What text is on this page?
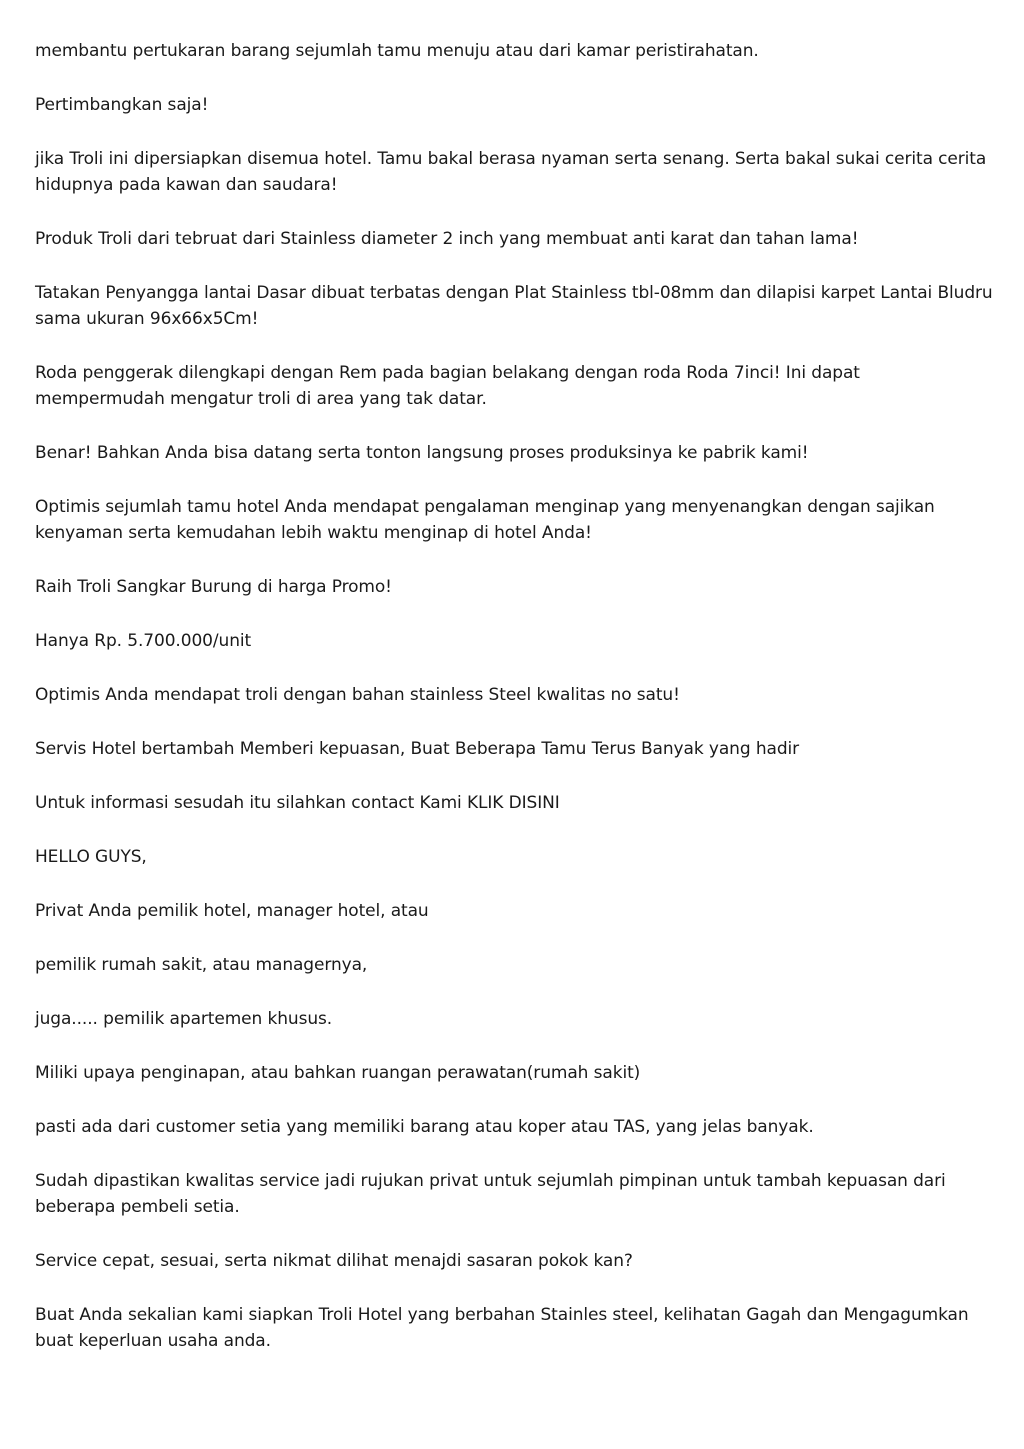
membantu pertukaran barang sejumlah tamu menuju atau dari kamar peristirahatan.

Pertimbangkan saja!

jika Troli ini dipersiapkan disemua hotel. Tamu bakal berasa nyaman serta senang. Serta bakal sukai cerita cerita hidupnya pada kawan dan saudara!

Produk Troli dari tebruat dari Stainless diameter 2 inch yang membuat anti karat dan tahan lama!

Tatakan Penyangga lantai Dasar dibuat terbatas dengan Plat Stainless tbl-08mm dan dilapisi karpet Lantai Bludru sama ukuran 96x66x5Cm!

Roda penggerak dilengkapi dengan Rem pada bagian belakang dengan roda Roda 7inci! Ini dapat mempermudah mengatur troli di area yang tak datar.

Benar! Bahkan Anda bisa datang serta tonton langsung proses produksinya ke pabrik kami!

Optimis sejumlah tamu hotel Anda mendapat pengalaman menginap yang menyenangkan dengan sajikan kenyaman serta kemudahan lebih waktu menginap di hotel Anda!

Raih Troli Sangkar Burung di harga Promo!

Hanya Rp. 5.700.000/unit

Optimis Anda mendapat troli dengan bahan stainless Steel kwalitas no satu!

Servis Hotel bertambah Memberi kepuasan, Buat Beberapa Tamu Terus Banyak yang hadir

Untuk informasi sesudah itu silahkan contact Kami KLIK DISINI

HELLO GUYS,

Privat Anda pemilik hotel, manager hotel, atau

pemilik rumah sakit, atau managernya,

juga..... pemilik apartemen khusus.

Miliki upaya penginapan, atau bahkan ruangan perawatan(rumah sakit)

pasti ada dari customer setia yang memiliki barang atau koper atau TAS, yang jelas banyak.

Sudah dipastikan kwalitas service jadi rujukan privat untuk sejumlah pimpinan untuk tambah kepuasan dari beberapa pembeli setia.

Service cepat, sesuai, serta nikmat dilihat menajdi sasaran pokok kan?

Buat Anda sekalian kami siapkan Troli Hotel yang berbahan Stainles steel, kelihatan Gagah dan Mengagumkan buat keperluan usaha anda.
